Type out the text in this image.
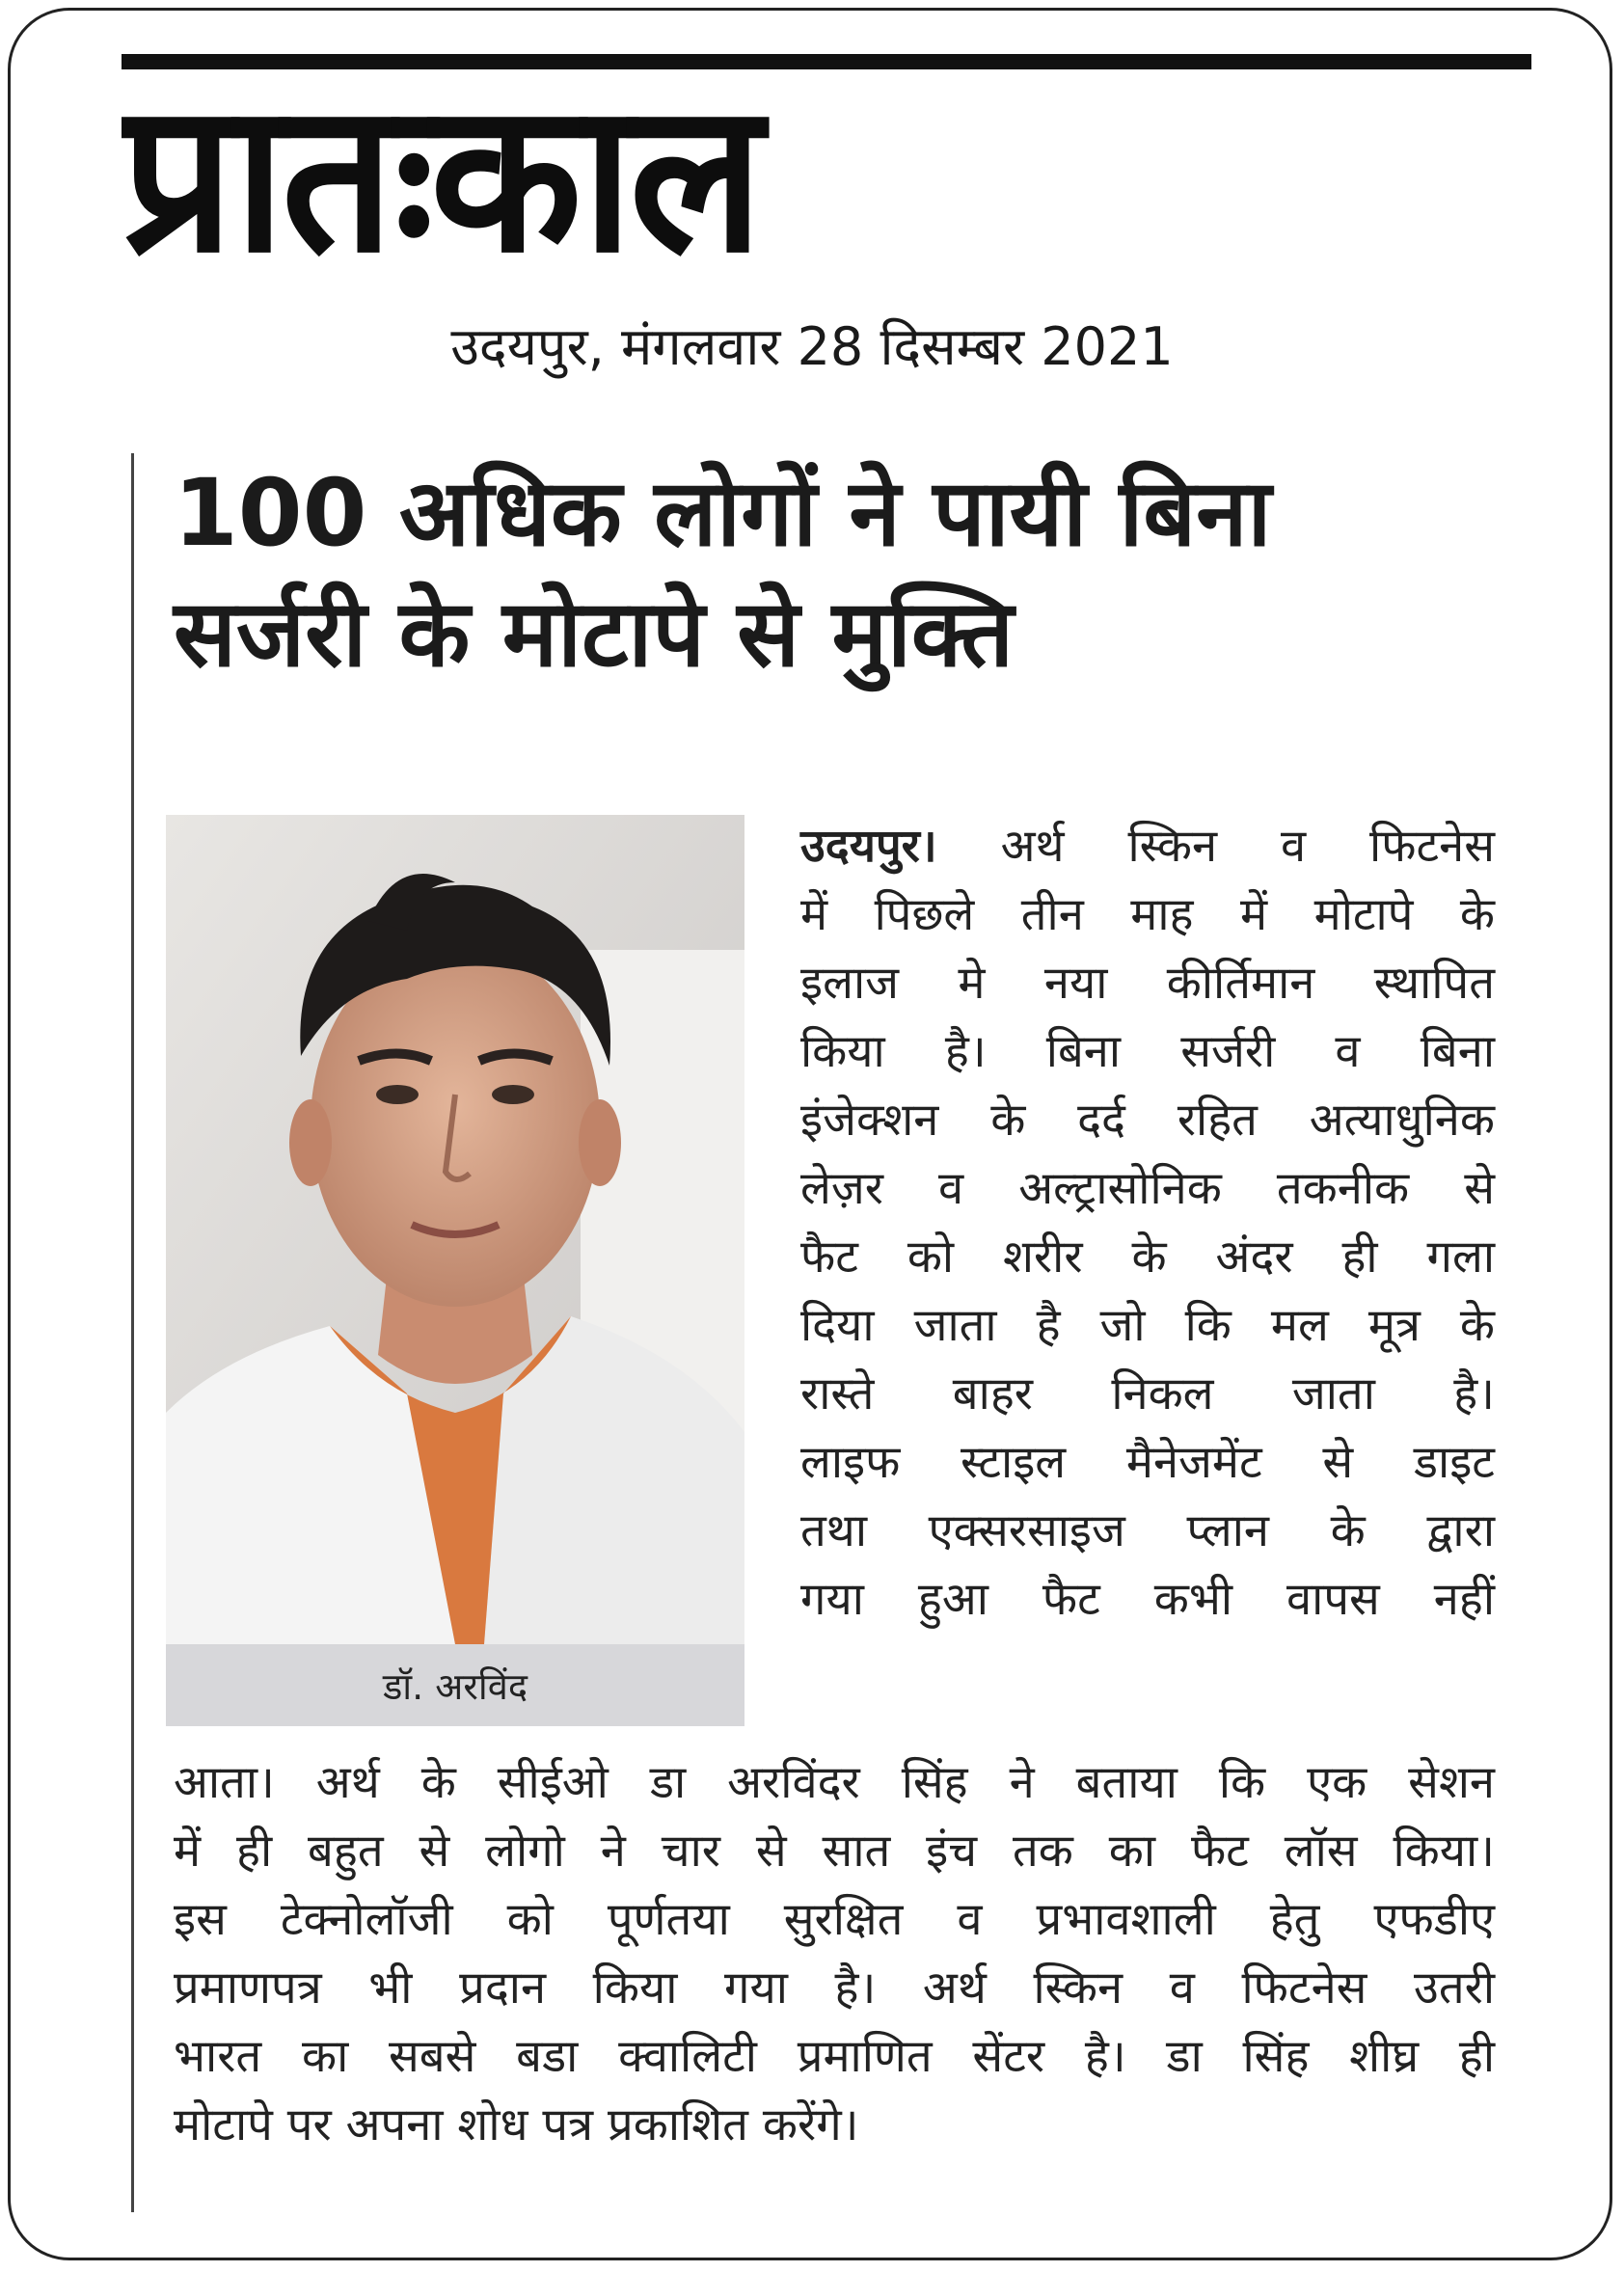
प्रातःकाल
उदयपुर, मंगलवार 28 दिसम्बर 2021
100 अधिक लोगों ने पायी बिना
सर्जरी के मोटापे से मुक्ति
डॉ. अरविंद
उदयपुर। अर्थ स्किन व फिटनेस
में पिछले तीन माह में मोटापे के
इलाज मे नया कीर्तिमान स्थापित
किया है। बिना सर्जरी व बिना
इंजेक्शन के दर्द रहित अत्याधुनिक
लेज़र व अल्ट्रासोनिक तकनीक से
फैट को शरीर के अंदर ही गला
दिया जाता है जो कि मल मूत्र के
रास्ते बाहर निकल जाता है।
लाइफ स्टाइल मैनेजमेंट से डाइट
तथा एक्सरसाइज प्लान के द्वारा
गया हुआ फैट कभी वापस नहीं
आता। अर्थ के सीईओ डा अरविंदर सिंह ने बताया कि एक सेशन
में ही बहुत से लोगो ने चार से सात इंच तक का फैट लॉस किया।
इस टेक्नोलॉजी को पूर्णतया सुरक्षित व प्रभावशाली हेतु एफडीए
प्रमाणपत्र भी प्रदान किया गया है। अर्थ स्किन व फिटनेस उतरी
भारत का सबसे बडा क्वालिटी प्रमाणित सेंटर है। डा सिंह शीघ्र ही
मोटापे पर अपना शोध पत्र प्रकाशित करेंगे।
